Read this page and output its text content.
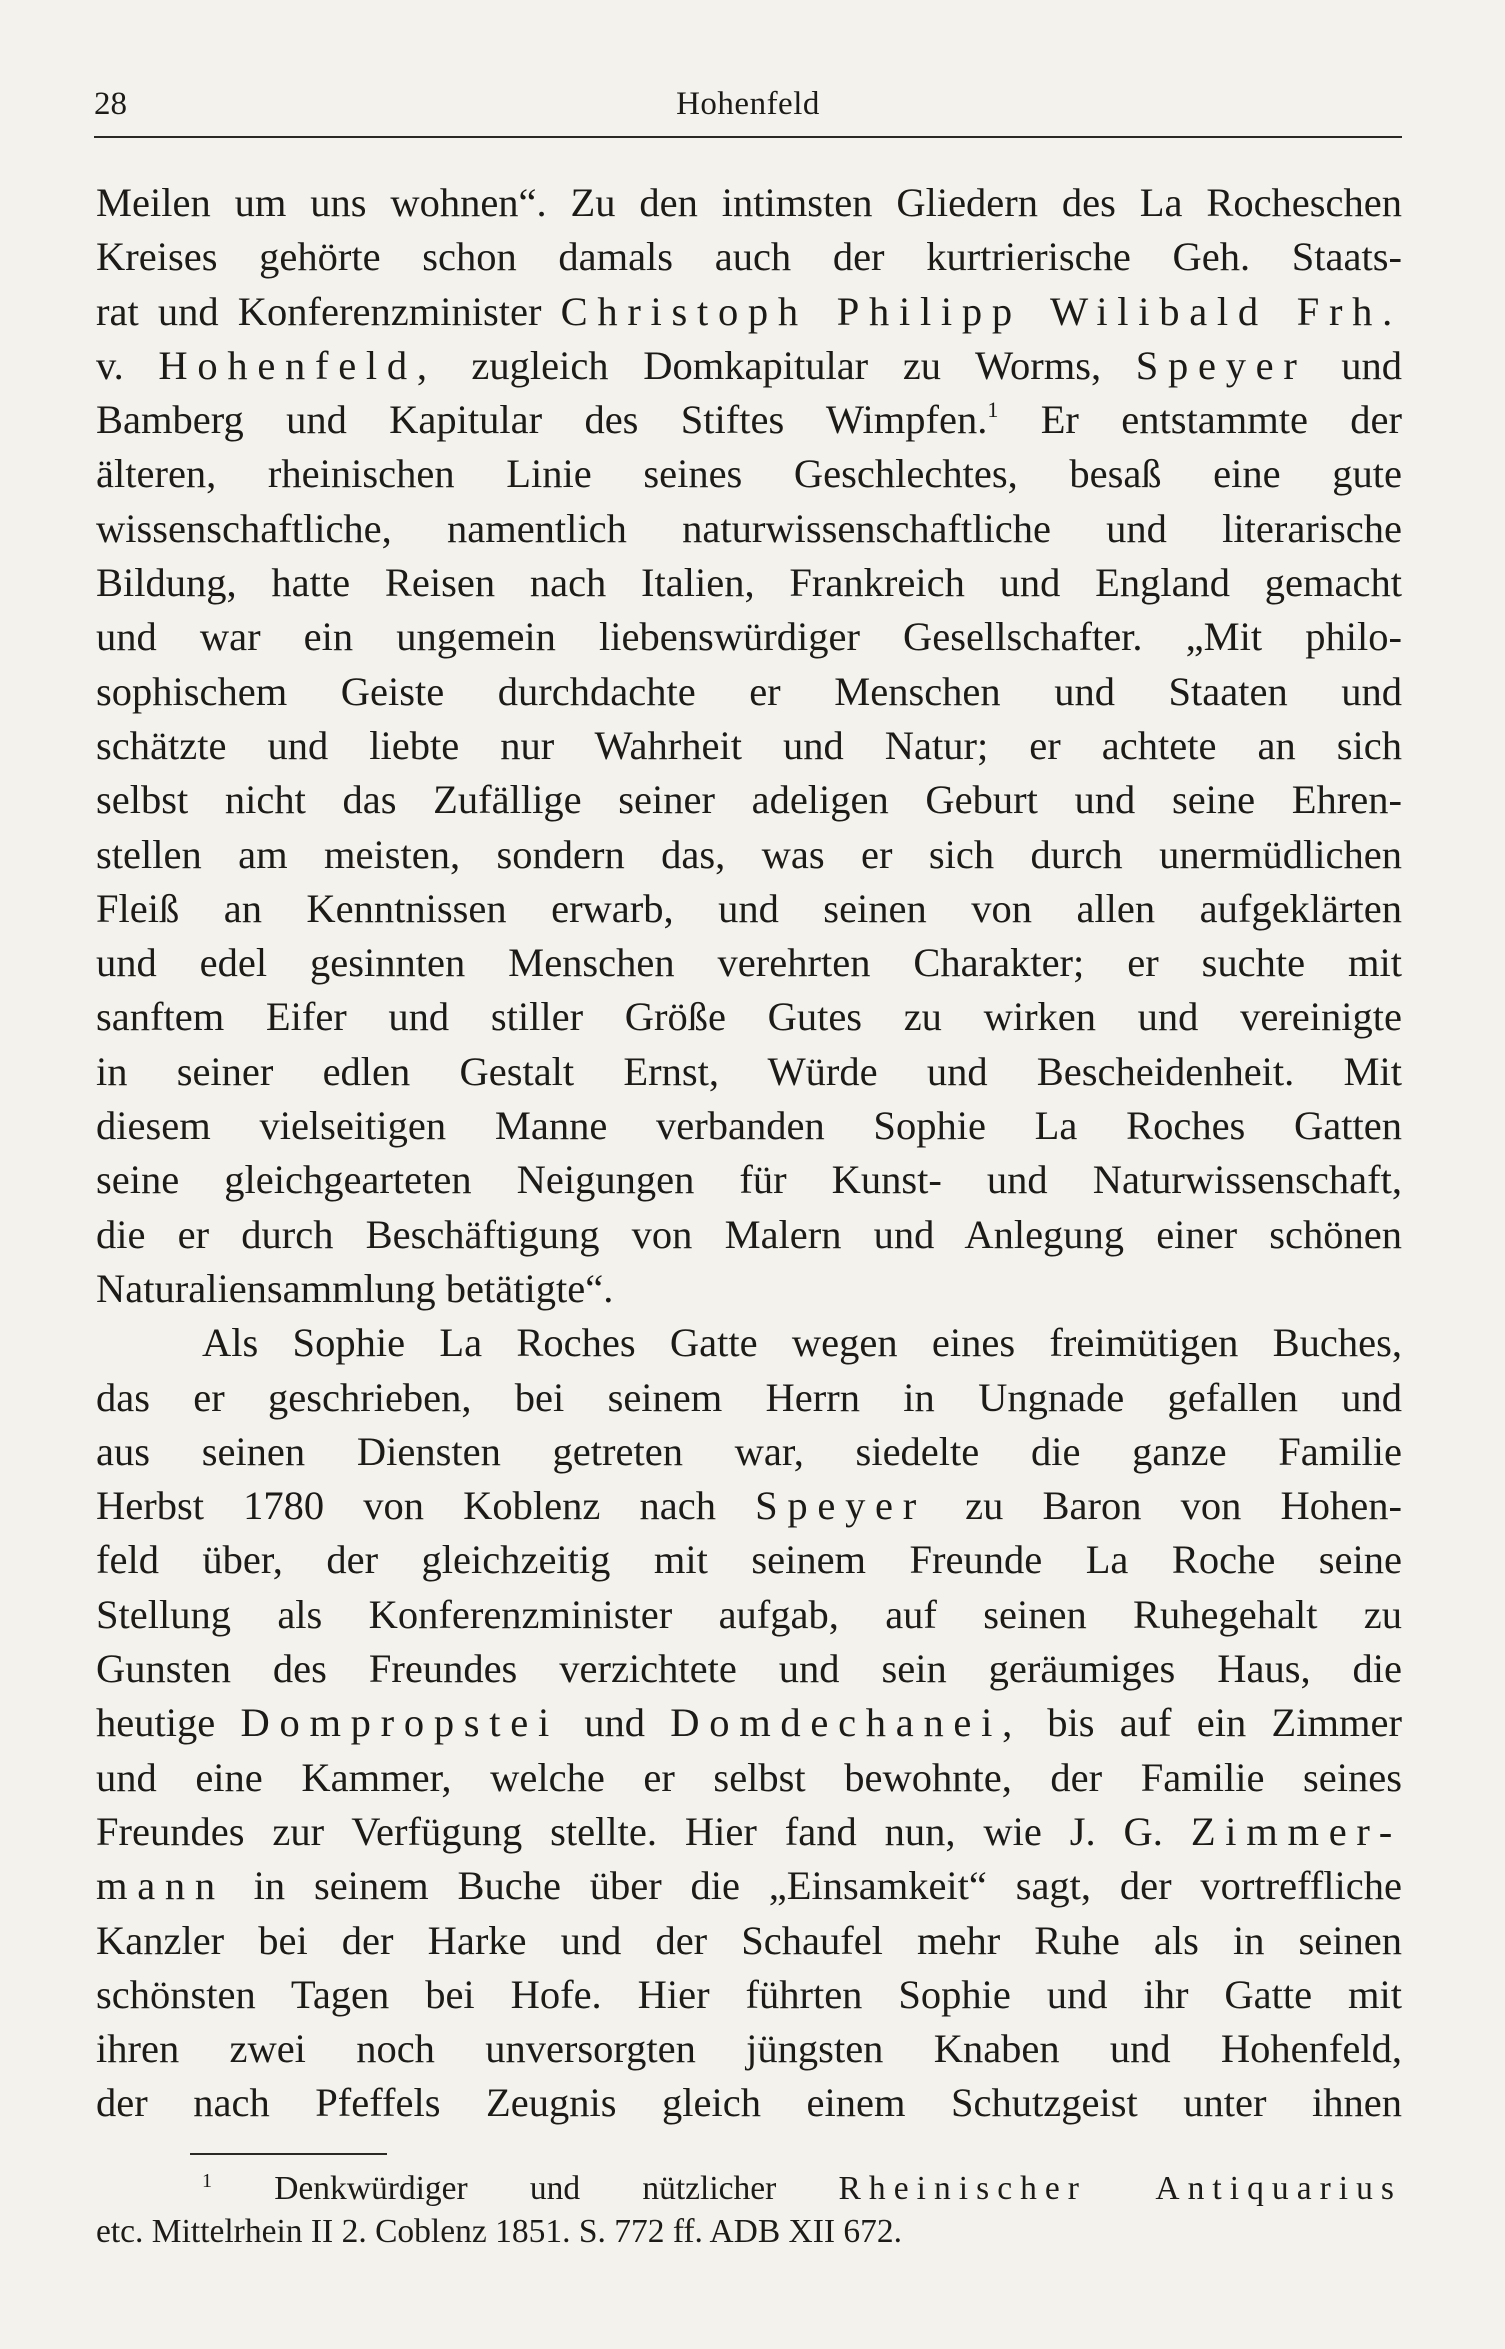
28	Hohenfeld
Meilen um uns wohnen“. Zu den intimsten Gliedern des La Rocheschen
Kreises gehörte schon damals auch der kurtrierische Geh. Staats-
rat und Konferenzminister Christoph Philipp Wilibald Frh.
v. Hohenfeld, zugleich Domkapitular zu Worms, Speyer und
Bamberg und Kapitular des Stiftes Wimpfen.$^1$ Er entstammte der
älteren, rheinischen Linie seines Geschlechtes, besaß eine gute
wissenschaftliche, namentlich naturwissenschaftliche und literarische
Bildung, hatte Reisen nach Italien, Frankreich und England gemacht
und war ein ungemein liebenswürdiger Gesellschafter. „Mit philo-
sophischem Geiste durchdachte er Menschen und Staaten und
schätzte und liebte nur Wahrheit und Natur; er achtete an sich
selbst nicht das Zufällige seiner adeligen Geburt und seine Ehren-
stellen am meisten, sondern das, was er sich durch unermüdlichen
Fleiß an Kenntnissen erwarb, und seinen von allen aufgeklärten
und edel gesinnten Menschen verehrten Charakter; er suchte mit
sanftem Eifer und stiller Größe Gutes zu wirken und vereinigte
in seiner edlen Gestalt Ernst, Würde und Bescheidenheit. Mit
diesem vielseitigen Manne verbanden Sophie La Roches Gatten
seine gleichgearteten Neigungen für Kunst- und Naturwissenschaft,
die er durch Beschäftigung von Malern und Anlegung einer schönen
Naturaliensammlung betätigte“.
Als Sophie La Roches Gatte wegen eines freimütigen Buches,
das er geschrieben, bei seinem Herrn in Ungnade gefallen und
aus seinen Diensten getreten war, siedelte die ganze Familie
Herbst 1780 von Koblenz nach Speyer zu Baron von Hohen-
feld über, der gleichzeitig mit seinem Freunde La Roche seine
Stellung als Konferenzminister aufgab, auf seinen Ruhegehalt zu
Gunsten des Freundes verzichtete und sein geräumiges Haus, die
heutige Dompropstei und Domdechanei, bis auf ein Zimmer
und eine Kammer, welche er selbst bewohnte, der Familie seines
Freundes zur Verfügung stellte. Hier fand nun, wie J. G. Zimmer-
mann in seinem Buche über die „Einsamkeit“ sagt, der vortreffliche
Kanzler bei der Harke und der Schaufel mehr Ruhe als in seinen
schönsten Tagen bei Hofe. Hier führten Sophie und ihr Gatte mit
ihren zwei noch unversorgten jüngsten Knaben und Hohenfeld,
der nach Pfeffels Zeugnis gleich einem Schutzgeist unter ihnen
$^1$ Denkwürdiger und nützlicher Rheinischer Antiquarius
etc. Mittelrhein II 2. Coblenz 1851. S. 772 ff. ADB XII 672.
